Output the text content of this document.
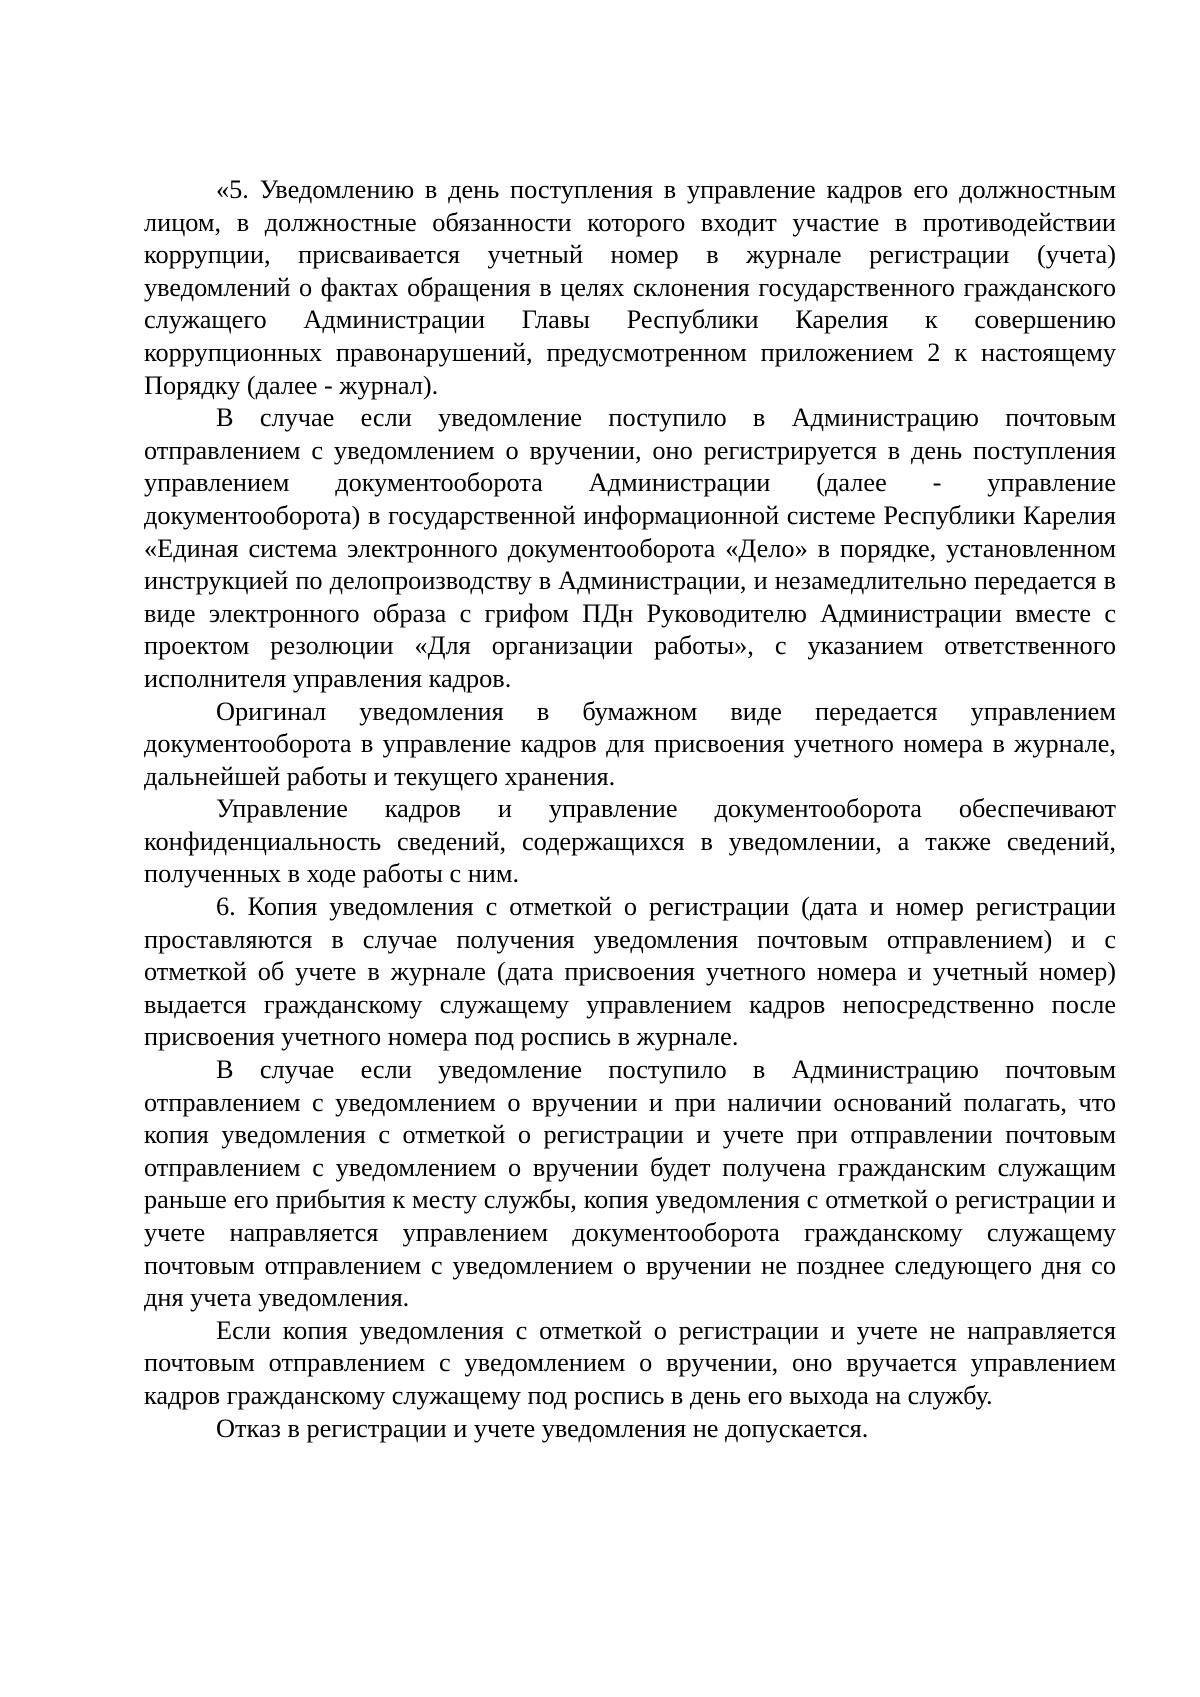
«5. Уведомлению в день поступления в управление кадров его должностным лицом, в должностные обязанности которого входит участие в противодействии коррупции, присваивается учетный номер в журнале регистрации (учета) уведомлений о фактах обращения в целях склонения государственного гражданского служащего Администрации Главы Республики Карелия к совершению коррупционных правонарушений, предусмотренном приложением 2 к настоящему Порядку (далее - журнал).

В случае если уведомление поступило в Администрацию почтовым отправлением с уведомлением о вручении, оно регистрируется в день поступления управлением документооборота Администрации (далее - управление документооборота) в государственной информационной системе Республики Карелия «Единая система электронного документооборота «Дело» в порядке, установленном инструкцией по делопроизводству в Администрации, и незамедлительно передается в виде электронного образа с грифом ПДн Руководителю Администрации вместе с проектом резолюции «Для организации работы», с указанием ответственного исполнителя управления кадров.

Оригинал уведомления в бумажном виде передается управлением документооборота в управление кадров для присвоения учетного номера в журнале, дальнейшей работы и текущего хранения.

Управление кадров и управление документооборота обеспечивают конфиденциальность сведений, содержащихся в уведомлении, а также сведений, полученных в ходе работы с ним.

6. Копия уведомления с отметкой о регистрации (дата и номер регистрации проставляются в случае получения уведомления почтовым отправлением) и с отметкой об учете в журнале (дата присвоения учетного номера и учетный номер) выдается гражданскому служащему управлением кадров непосредственно после присвоения учетного номера под роспись в журнале.

В случае если уведомление поступило в Администрацию почтовым отправлением с уведомлением о вручении и при наличии оснований полагать, что копия уведомления с отметкой о регистрации и учете при отправлении почтовым отправлением с уведомлением о вручении будет получена гражданским служащим раньше его прибытия к месту службы, копия уведомления с отметкой о регистрации и учете направляется управлением документооборота гражданскому служащему почтовым отправлением с уведомлением о вручении не позднее следующего дня со дня учета уведомления.

Если копия уведомления с отметкой о регистрации и учете не направляется почтовым отправлением с уведомлением о вручении, оно вручается управлением кадров гражданскому служащему под роспись в день его выхода на службу.

Отказ в регистрации и учете уведомления не допускается.
